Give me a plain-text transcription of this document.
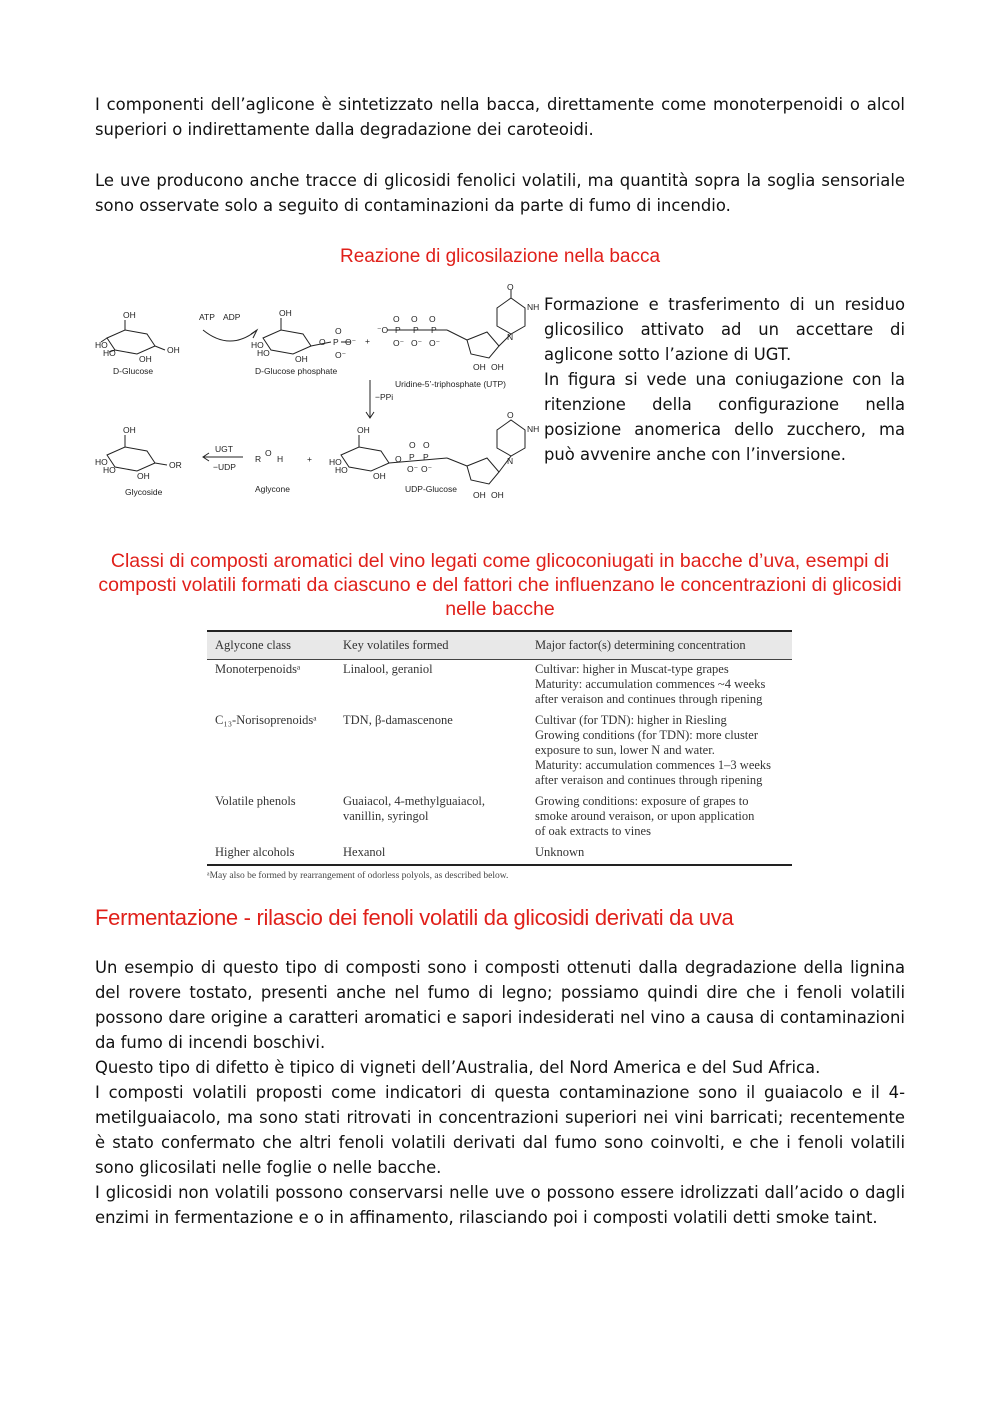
I componenti dell’aglicone è sintetizzato nella bacca, direttamente come monoterpenoidi o alcol superiori o indirettamente dalla degradazione dei caroteoidi.

Le uve producono anche tracce di glicosidi fenolici volatili, ma quantità sopra la soglia sensoriale sono osservate solo a seguito di contaminazioni da parte di fumo di incendio.

Reazione di glicosilazione nella bacca
OH
HO
HO
OH
OH
OH
HO
HO
OH
O P
O
O⁻
O⁻ +
⁻O P P P
O O O
O⁻ O⁻ O⁻
O
NH
N
OH OH
OH
HO
HO
OH
OR
R
O
H	+
OH
HO
HO
OH
O P P
O O
O⁻ O⁻
O
NH
N
OH OH
D-Glucose
ATP ADP
D-Glucose phosphate
Uridine-5’-triphosphate (UTP)
−PPi
Glycoside
UGT
−UDP
Aglycone	UDP-Glucose

Formazione e trasferimento di un residuo glicosilico attivato ad un accettare di aglicone sotto l’azione di UGT.

In figura si vede una coniugazione con la ritenzione della configurazione nella posizione anomerica dello zucchero, ma può avvenire anche con l’inversione.

Classi di composti aromatici del vino legati come glicoconiugati in bacche d’uva, esempi di composti volatili formati da ciascuno e del fattori che influenzano le concentrazioni di glicosidi nelle bacche
Aglycone class	Key volatiles formed	Major factor(s) determining concentration
Monoterpenoidsᵃ	Linalool, geraniol	Cultivar: higher in Muscat-type grapes
Maturity: accumulation commences ~4 weeks
after veraison and continues through ripening
C₁₃-Norisoprenoidsᵃ	TDN, β-damascenone	Cultivar (for TDN): higher in Riesling
Growing conditions (for TDN): more cluster
exposure to sun, lower N and water.
Maturity: accumulation commences 1–3 weeks
after veraison and continues through ripening
Volatile phenols	Guaiacol, 4-methylguaiacol,
vanillin, syringol	Growing conditions: exposure of grapes to
smoke around veraison, or upon application
of oak extracts to vines
Higher alcohols	Hexanol	Unknown
ᵃMay also be formed by rearrangement of odorless polyols, as described below.
Fermentazione - rilascio dei fenoli volatili da glicosidi derivati da uva

Un esempio di questo tipo di composti sono i composti ottenuti dalla degradazione della lignina del rovere tostato, presenti anche nel fumo di legno; possiamo quindi dire che i fenoli volatili possono dare origine a caratteri aromatici e sapori indesiderati nel vino a causa di contaminazioni da fumo di incendi boschivi.

Questo tipo di difetto è tipico di vigneti dell’Australia, del Nord America e del Sud Africa.

I composti volatili proposti come indicatori di questa contaminazione sono il guaiacolo e il 4-metilguaiacolo, ma sono stati ritrovati in concentrazioni superiori nei vini barricati; recentemente è stato confermato che altri fenoli volatili derivati dal fumo sono coinvolti, e che i fenoli volatili sono glicosilati nelle foglie o nelle bacche.

I glicosidi non volatili possono conservarsi nelle uve o possono essere idrolizzati dall’acido o dagli enzimi in fermentazione e o in affinamento, rilasciando poi i composti volatili detti smoke taint.
